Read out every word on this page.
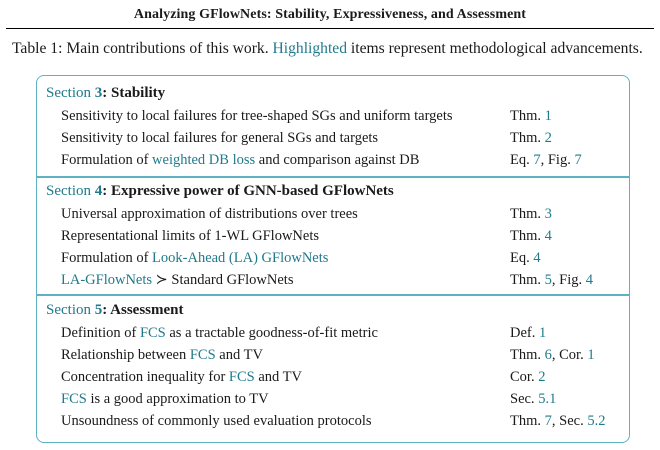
Analyzing GFlowNets: Stability, Expressiveness, and Assessment
Table 1: Main contributions of this work. Highlighted items represent methodological advancements.
Section 3: Stability
Sensitivity to local failures for tree-shaped SGs and uniform targets	Thm. 1
Sensitivity to local failures for general SGs and targets	Thm. 2
Formulation of weighted DB loss and comparison against DB	Eq. 7, Fig. 7
Section 4: Expressive power of GNN-based GFlowNets
Universal approximation of distributions over trees	Thm. 3
Representational limits of 1-WL GFlowNets	Thm. 4
Formulation of Look-Ahead (LA) GFlowNets	Eq. 4
LA-GFlowNets ≻ Standard GFlowNets	Thm. 5, Fig. 4
Section 5: Assessment
Definition of FCS as a tractable goodness-of-fit metric	Def. 1
Relationship between FCS and TV	Thm. 6, Cor. 1
Concentration inequality for FCS and TV	Cor. 2
FCS is a good approximation to TV	Sec. 5.1
Unsoundness of commonly used evaluation protocols	Thm. 7, Sec. 5.2
